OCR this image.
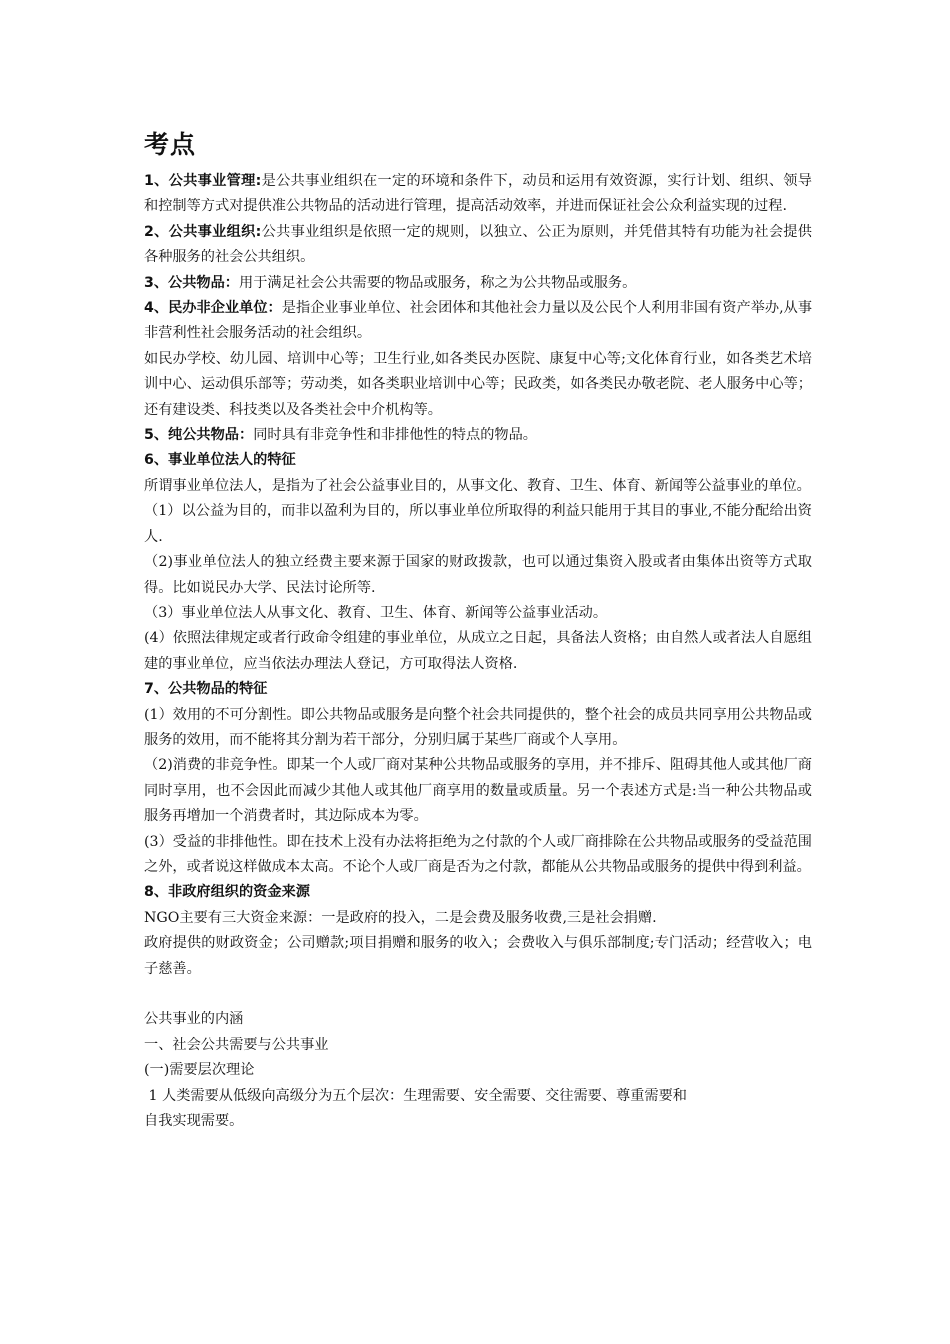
考点

1、公共事业管理:是公共事业组织在一定的环境和条件下，动员和运用有效资源，实行计划、组织、领导和控制等方式对提供准公共物品的活动进行管理，提高活动效率，并进而保证社会公众利益实现的过程.

2、公共事业组织:公共事业组织是依照一定的规则，以独立、公正为原则，并凭借其特有功能为社会提供各种服务的社会公共组织。

3、公共物品：用于满足社会公共需要的物品或服务，称之为公共物品或服务。

4、民办非企业单位：是指企业事业单位、社会团体和其他社会力量以及公民个人利用非国有资产举办,从事非营利性社会服务活动的社会组织。

如民办学校、幼儿园、培训中心等；卫生行业,如各类民办医院、康复中心等;文化体育行业，如各类艺术培训中心、运动俱乐部等；劳动类，如各类职业培训中心等；民政类，如各类民办敬老院、老人服务中心等；还有建设类、科技类以及各类社会中介机构等。

5、纯公共物品：同时具有非竞争性和非排他性的特点的物品。

6、事业单位法人的特征

所谓事业单位法人，是指为了社会公益事业目的，从事文化、教育、卫生、体育、新闻等公益事业的单位。

（1）以公益为目的，而非以盈利为目的，所以事业单位所取得的利益只能用于其目的事业,不能分配给出资人.

（2)事业单位法人的独立经费主要来源于国家的财政拨款，也可以通过集资入股或者由集体出资等方式取得。比如说民办大学、民法讨论所等.

（3）事业单位法人从事文化、教育、卫生、体育、新闻等公益事业活动。

(4）依照法律规定或者行政命令组建的事业单位，从成立之日起，具备法人资格；由自然人或者法人自愿组建的事业单位，应当依法办理法人登记，方可取得法人资格.

7、公共物品的特征

(1）效用的不可分割性。即公共物品或服务是向整个社会共同提供的，整个社会的成员共同享用公共物品或服务的效用，而不能将其分割为若干部分，分别归属于某些厂商或个人享用。

（2)消费的非竞争性。即某一个人或厂商对某种公共物品或服务的享用，并不排斥、阻碍其他人或其他厂商同时享用，也不会因此而减少其他人或其他厂商享用的数量或质量。另一个表述方式是:当一种公共物品或服务再增加一个消费者时，其边际成本为零。

(3）受益的非排他性。即在技术上没有办法将拒绝为之付款的个人或厂商排除在公共物品或服务的受益范围之外，或者说这样做成本太高。不论个人或厂商是否为之付款，都能从公共物品或服务的提供中得到利益。

8、非政府组织的资金来源

NGO主要有三大资金来源：一是政府的投入，二是会费及服务收费,三是社会捐赠.

政府提供的财政资金；公司赠款;项目捐赠和服务的收入；会费收入与俱乐部制度;专门活动；经营收入；电子慈善。

公共事业的内涵

一、社会公共需要与公共事业

(一)需要层次理论

1 人类需要从低级向高级分为五个层次：生理需要、安全需要、交往需要、尊重需要和

自我实现需要。
